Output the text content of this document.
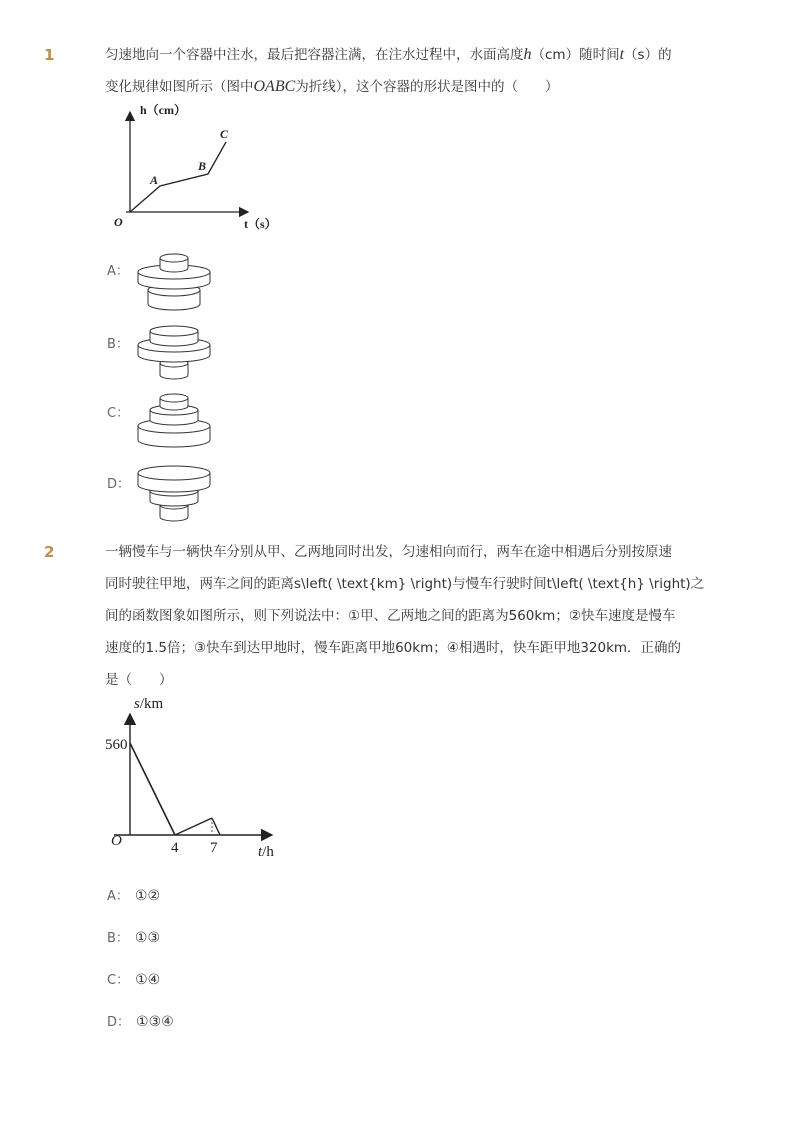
1	匀速地向一个容器中注水，最后把容器注满，在注水过程中，水面高度h（cm）随时间t（s）的
变化规律如图所示（图中OABC为折线），这个容器的形状是图中的（　　）
h（cm）
t（s）
O
A
B
C
A：
B：
C：
D：
2	一辆慢车与一辆快车分别从甲、乙两地同时出发，匀速相向而行，两车在途中相遇后分别按原速
同时驶往甲地，两车之间的距离s\left( \text{km} \right)与慢车行驶时间t\left( \text{h} \right)之
间的函数图象如图所示，则下列说法中：①甲、乙两地之间的距离为560km；②快车速度是慢车
速度的1.5倍；③快车到达甲地时，慢车距离甲地60km；④相遇时，快车距甲地320km．正确的
是（　　）
s/km
t/h
O
560
4 7
A： ①②
B： ①③
C： ①④
D： ①③④
